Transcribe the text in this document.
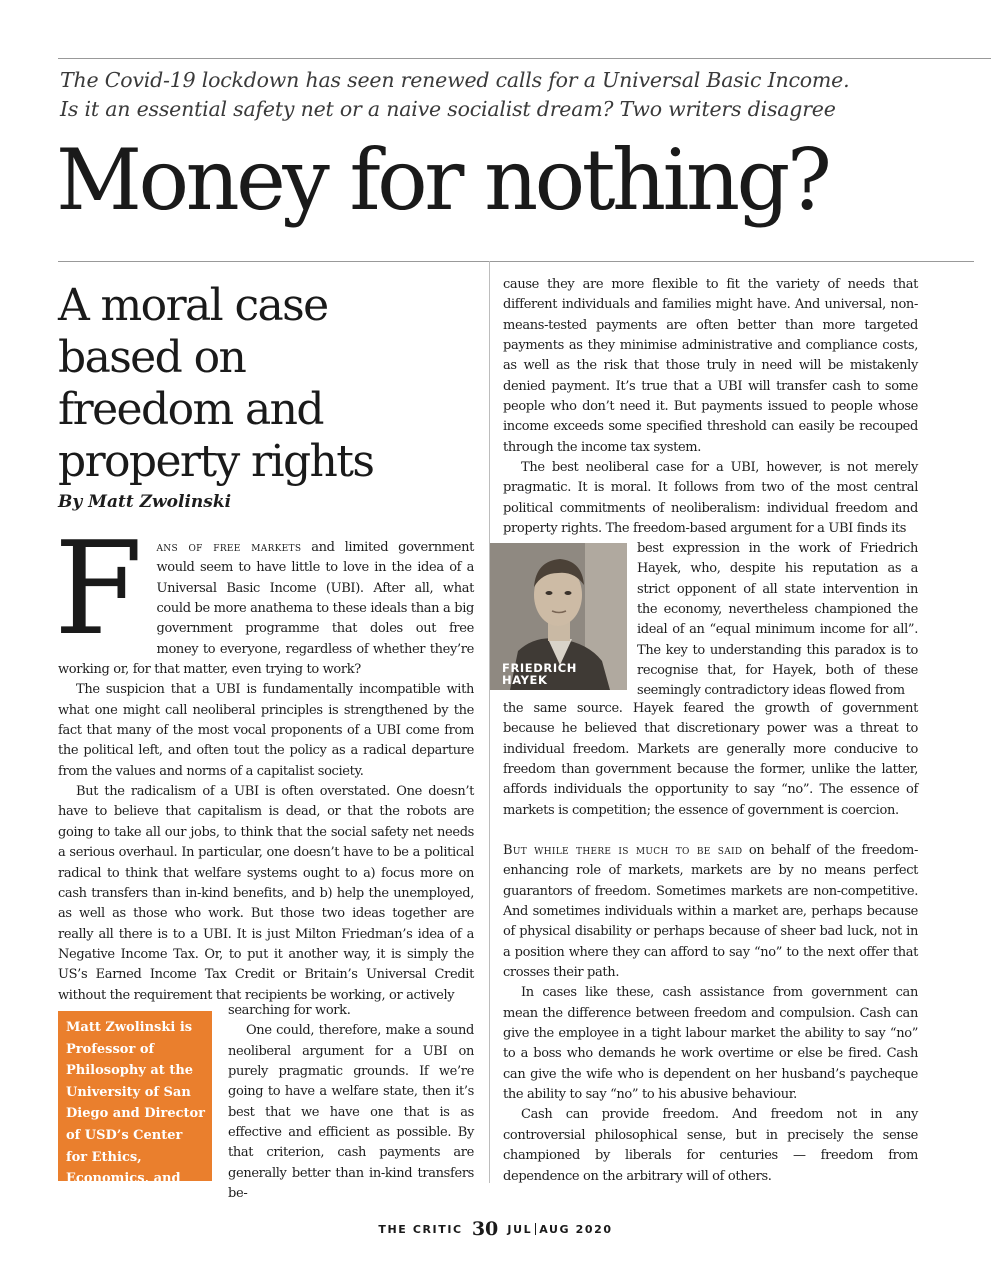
The Covid-19 lockdown has seen renewed calls for a Universal Basic Income.
Is it an essential safety net or a naive socialist dream? Two writers disagree
Money for nothing?
A moral case
based on
freedom and
property rights
By Matt Zwolinski

F ans of free markets and limited government would seem to have little to love in the idea of a Universal Basic Income (UBI). After all, what could be more anathema to these ideals than a big government programme that doles out free money to everyone, regardless of whether they’re working or, for that matter, even trying to work?

The suspicion that a UBI is fundamentally incompatible with what one might call neoliberal principles is strengthened by the fact that many of the most vocal proponents of a UBI come from the political left, and often tout the policy as a radical departure from the values and norms of a capitalist society.

But the radicalism of a UBI is often overstated. One doesn’t have to believe that capitalism is dead, or that the robots are going to take all our jobs, to think that the social safety net needs a serious overhaul. In particular, one doesn’t have to be a political radical to think that welfare systems ought to a) focus more on cash transfers than in-kind benefits, and b) help the unemployed, as well as those who work. But those two ideas together are really all there is to a UBI. It is just Milton Friedman’s idea of a Negative Income Tax. Or, to put it another way, it is simply the US’s Earned Income Tax Credit or Britain’s Universal Credit without the requirement that recipients be working, or actively

Matt Zwolinski is Professor of Philosophy at the University of San Diego and Director of USD’s Center for Ethics, Economics, and Public Policy

searching for work.

One could, therefore, make a sound neoliberal argument for a UBI on purely pragmatic grounds. If we’re going to have a welfare state, then it’s best that we have one that is as effective and efficient as possible. By that criterion, cash payments are generally better than in-kind transfers be-

cause they are more flexible to fit the variety of needs that different individuals and families might have. And universal, non-means-tested payments are often better than more targeted payments as they minimise administrative and compliance costs, as well as the risk that those truly in need will be mistakenly denied payment. It’s true that a UBI will transfer cash to some people who don’t need it. But payments issued to people whose income exceeds some specified threshold can easily be recouped through the income tax system.

The best neoliberal case for a UBI, however, is not merely pragmatic. It is moral. It follows from two of the most central political commitments of neoliberalism: individual freedom and property rights. The freedom-based argument for a UBI finds its

FRIEDRICH
HAYEK

best expression in the work of Friedrich Hayek, who, despite his reputation as a strict opponent of all state intervention in the economy, nevertheless championed the ideal of an “equal minimum income for all”. The key to understanding this paradox is to recognise that, for Hayek, both of these seemingly contradictory ideas flowed from

the same source. Hayek feared the growth of government because he believed that discretionary power was a threat to individual freedom. Markets are generally more conducive to freedom than government because the former, unlike the latter, affords individuals the opportunity to say “no”. The essence of markets is competition; the essence of government is coercion.

But while there is much to be said on behalf of the freedom-enhancing role of markets, markets are by no means perfect guarantors of freedom. Sometimes markets are non-competitive. And sometimes individuals within a market are, perhaps because of physical disability or perhaps because of sheer bad luck, not in a position where they can afford to say “no” to the next offer that crosses their path.

In cases like these, cash assistance from government can mean the difference between freedom and compulsion. Cash can give the employee in a tight labour market the ability to say “no” to a boss who demands he work overtime or else be fired. Cash can give the wife who is dependent on her husband’s paycheque the ability to say “no” to his abusive behaviour.

Cash can provide freedom. And freedom not in any controversial philosophical sense, but in precisely the sense championed by liberals for centuries — freedom from dependence on the arbitrary will of others.

THE CRITIC 30 JUL AUG 2020
